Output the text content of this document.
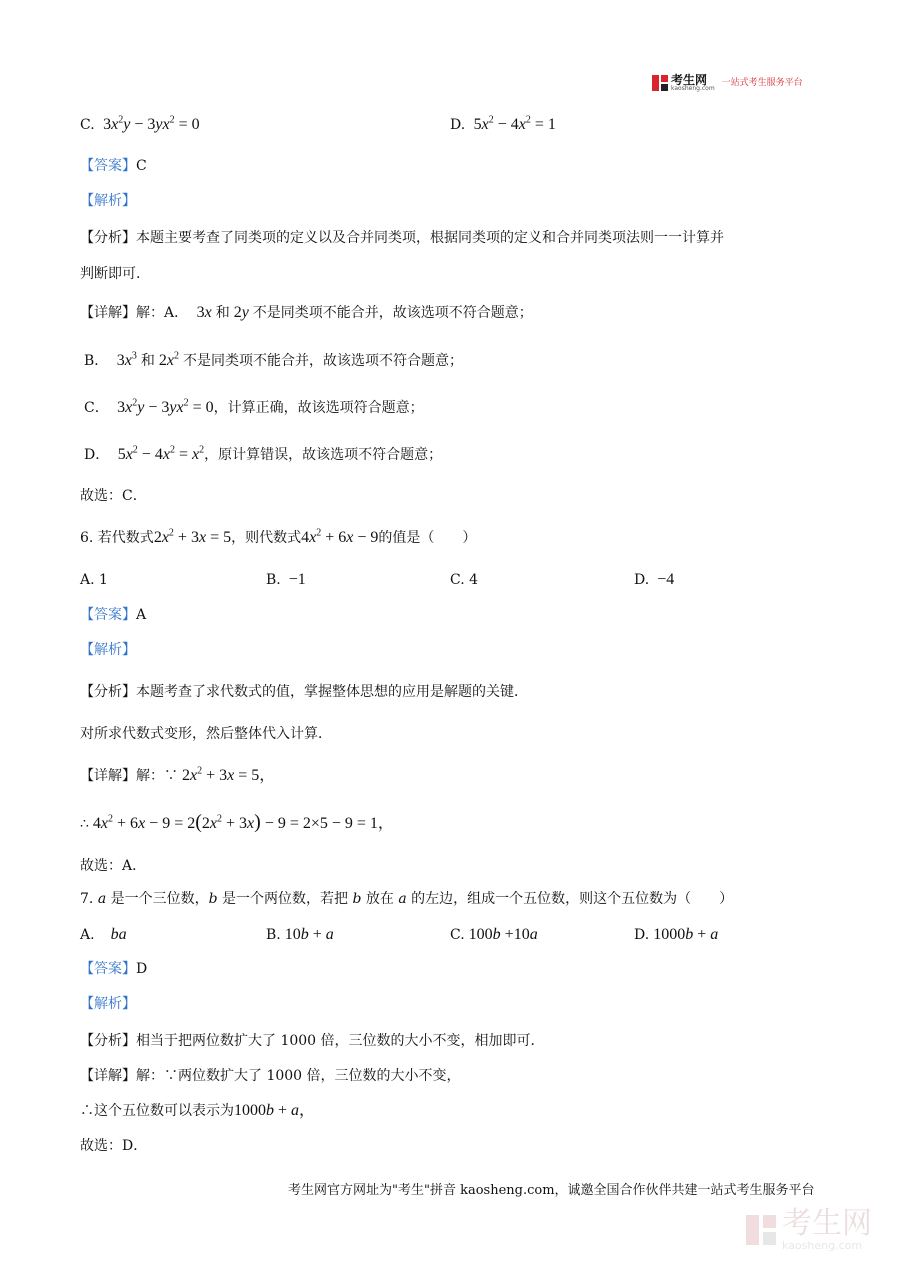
考生网
kaosheng.com
一站式考生服务平台
C.  $3x^2y - 3yx^2 = 0$	D.  $5x^2 - 4x^2 = 1$
【答案】C
【解析】
【分析】本题主要考查了同类项的定义以及合并同类项，根据同类项的定义和合并同类项法则一一计算并
判断即可.
【详解】解：A．  3x 和 2y 不是同类项不能合并，故该选项不符合题意；
B．  $3x^3$ 和 $2x^2$ 不是同类项不能合并，故该选项不符合题意；
C．  $3x^2y - 3yx^2 = 0$，计算正确，故该选项符合题意；
D．  $5x^2 - 4x^2 = x^2$，原计算错误，故该选项不符合题意；
故选：C．
6. 若代数式$2x^2 + 3x = 5$，则代数式$4x^2 + 6x - 9$的值是（　　）
A. 1	B.  −1	C. 4	D.  −4
【答案】A
【解析】
【分析】本题考查了求代数式的值，掌握整体思想的应用是解题的关键．
对所求代数式变形，然后整体代入计算．
【详解】解：∵ $2x^2 + 3x = 5$，
∴ $4x^2 + 6x - 9 = 2(2x^2 + 3x) - 9 = 2\times 5 - 9 = 1$，
故选：A．
7. a 是一个三位数，b 是一个两位数，若把 b 放在 a 的左边，组成一个五位数，则这个五位数为（　　）
A. ba	B. 10b + a	C. 100b +10a	D. 1000b + a
【答案】D
【解析】
【分析】相当于把两位数扩大了 1000 倍，三位数的大小不变，相加即可．
【详解】解：∵两位数扩大了 1000 倍，三位数的大小不变，
∴这个五位数可以表示为1000b + a，
故选：D．
考生网官方网址为"考生"拼音 kaosheng.com，诚邀全国合作伙伴共建一站式考生服务平台
考生网
kaosheng.com
